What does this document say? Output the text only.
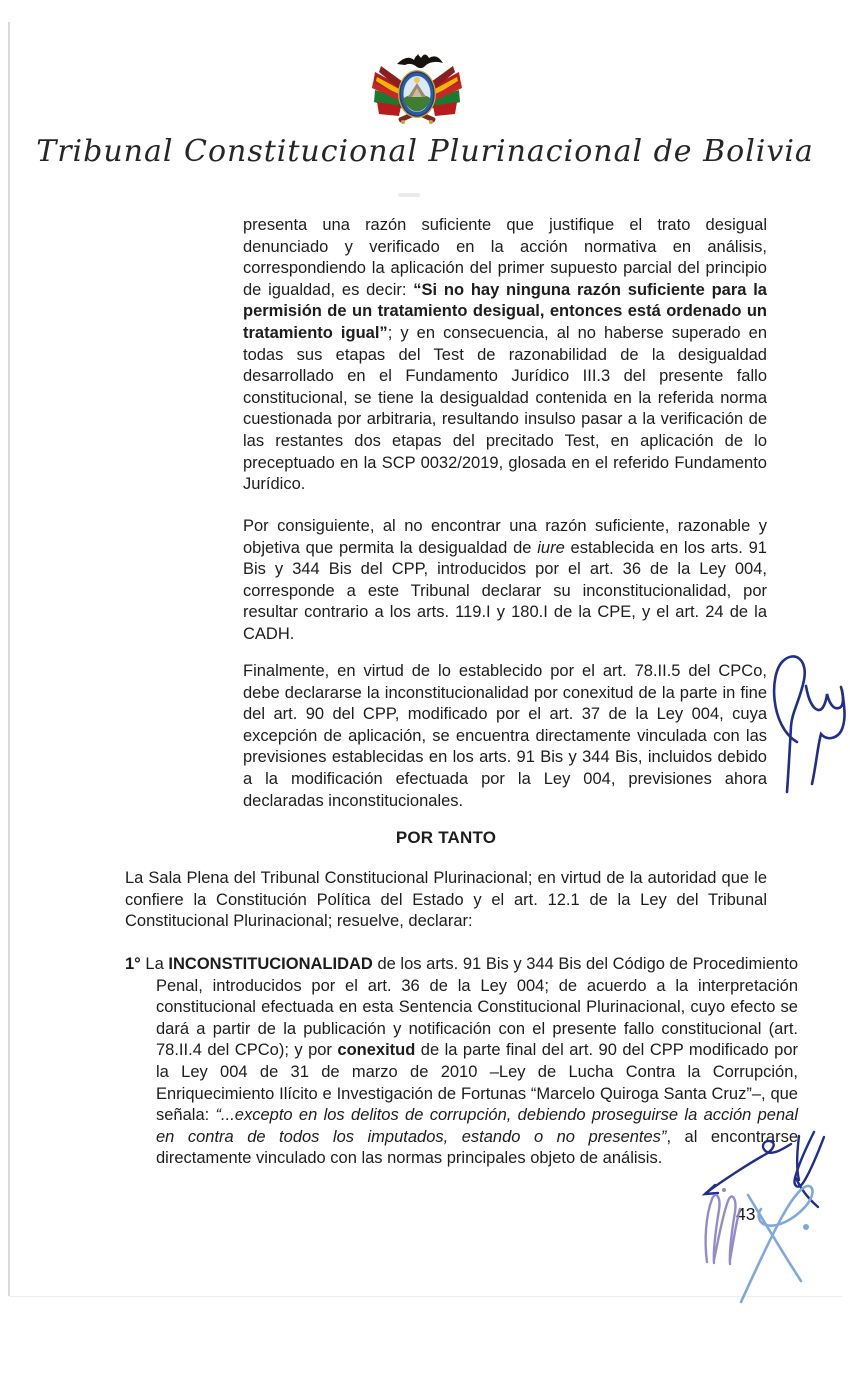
Tribunal Constitucional Plurinacional de Bolivia

presenta una razón suficiente que justifique el trato desigual denunciado y verificado en la acción normativa en análisis, correspondiendo la aplicación del primer supuesto parcial del principio de igualdad, es decir: “Si no hay ninguna razón suficiente para la permisión de un tratamiento desigual, entonces está ordenado un tratamiento igual”; y en consecuencia, al no haberse superado en todas sus etapas del Test de razonabilidad de la desigualdad desarrollado en el Fundamento Jurídico III.3 del presente fallo constitucional, se tiene la desigualdad contenida en la referida norma cuestionada por arbitraria, resultando insulso pasar a la verificación de las restantes dos etapas del precitado Test, en aplicación de lo preceptuado en la SCP 0032/2019, glosada en el referido Fundamento Jurídico.

Por consiguiente, al no encontrar una razón suficiente, razonable y objetiva que permita la desigualdad de iure establecida en los arts. 91 Bis y 344 Bis del CPP, introducidos por el art. 36 de la Ley 004, corresponde a este Tribunal declarar su inconstitucionalidad, por resultar contrario a los arts. 119.I y 180.I de la CPE, y el art. 24 de la CADH.

Finalmente, en virtud de lo establecido por el art. 78.II.5 del CPCo, debe declararse la inconstitucionalidad por conexitud de la parte in fine del art. 90 del CPP, modificado por el art. 37 de la Ley 004, cuya excepción de aplicación, se encuentra directamente vinculada con las previsiones establecidas en los arts. 91 Bis y 344 Bis, incluidos debido a la modificación efectuada por la Ley 004, previsiones ahora declaradas inconstitucionales.

POR TANTO

La Sala Plena del Tribunal Constitucional Plurinacional; en virtud de la autoridad que le confiere la Constitución Política del Estado y el art. 12.1 de la Ley del Tribunal Constitucional Plurinacional; resuelve, declarar:

1° La INCONSTITUCIONALIDAD de los arts. 91 Bis y 344 Bis del Código de Procedimiento Penal, introducidos por el art. 36 de la Ley 004; de acuerdo a la interpretación constitucional efectuada en esta Sentencia Constitucional Plurinacional, cuyo efecto se dará a partir de la publicación y notificación con el presente fallo constitucional (art. 78.II.4 del CPCo); y por conexitud de la parte final del art. 90 del CPP modificado por la Ley 004 de 31 de marzo de 2010 –Ley de Lucha Contra la Corrupción, Enriquecimiento Ilícito e Investigación de Fortunas “Marcelo Quiroga Santa Cruz”–, que señala: “...excepto en los delitos de corrupción, debiendo proseguirse la acción penal en contra de todos los imputados, estando o no presentes”, al encontrarse directamente vinculado con las normas principales objeto de análisis.

43
